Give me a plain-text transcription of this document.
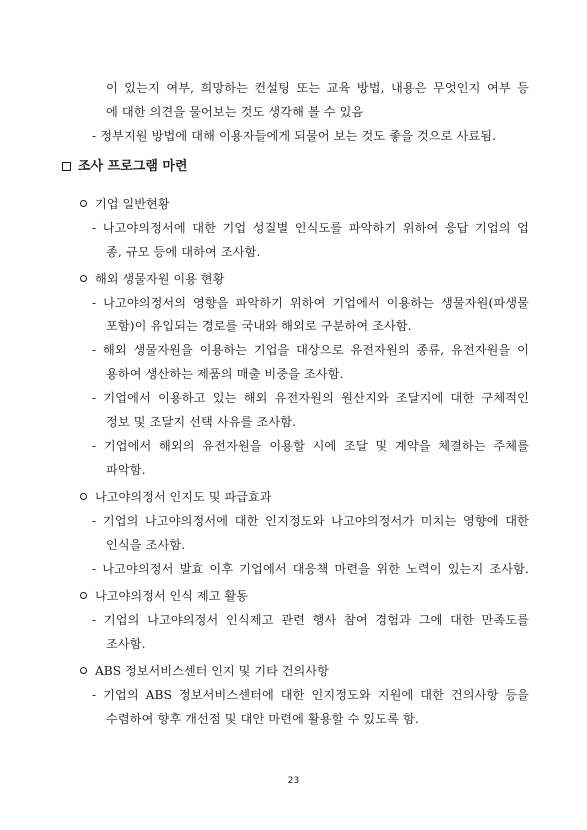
이 있는지 여부, 희망하는 컨설팅 또는 교육 방법, 내용은 무엇인지 여부 등
에 대한 의견을 물어보는 것도 생각해 볼 수 있음
- 정부지원 방법에 대해 이용자들에게 되물어 보는 것도 좋을 것으로 사료됨.
조사 프로그램 마련
기업 일반현황
- 나고야의정서에 대한 기업 성질별 인식도를 파악하기 위하여 응답 기업의 업
종, 규모 등에 대하여 조사함.
해외 생물자원 이용 현황
- 나고야의정서의 영향을 파악하기 위하여 기업에서 이용하는 생물자원(파생물
포함)이 유입되는 경로를 국내와 해외로 구분하여 조사함.
- 해외 생물자원을 이용하는 기업을 대상으로 유전자원의 종류, 유전자원을 이
용하여 생산하는 제품의 매출 비중을 조사함.
- 기업에서 이용하고 있는 해외 유전자원의 원산지와 조달지에 대한 구체적인
정보 및 조달지 선택 사유를 조사함.
- 기업에서 해외의 유전자원을 이용할 시에 조달 및 계약을 체결하는 주체를
파악함.
나고야의정서 인지도 및 파급효과
- 기업의 나고야의정서에 대한 인지정도와 나고야의정서가 미치는 영향에 대한
인식을 조사함.
- 나고야의정서 발효 이후 기업에서 대응책 마련을 위한 노력이 있는지 조사함.
나고야의정서 인식 제고 활동
- 기업의 나고야의정서 인식제고 관련 행사 참여 경험과 그에 대한 만족도를
조사함.
ABS 정보서비스센터 인지 및 기타 건의사항
- 기업의 ABS 정보서비스센터에 대한 인지정도와 지원에 대한 건의사항 등을
수렴하여 향후 개선점 및 대안 마련에 활용할 수 있도록 함.
23
